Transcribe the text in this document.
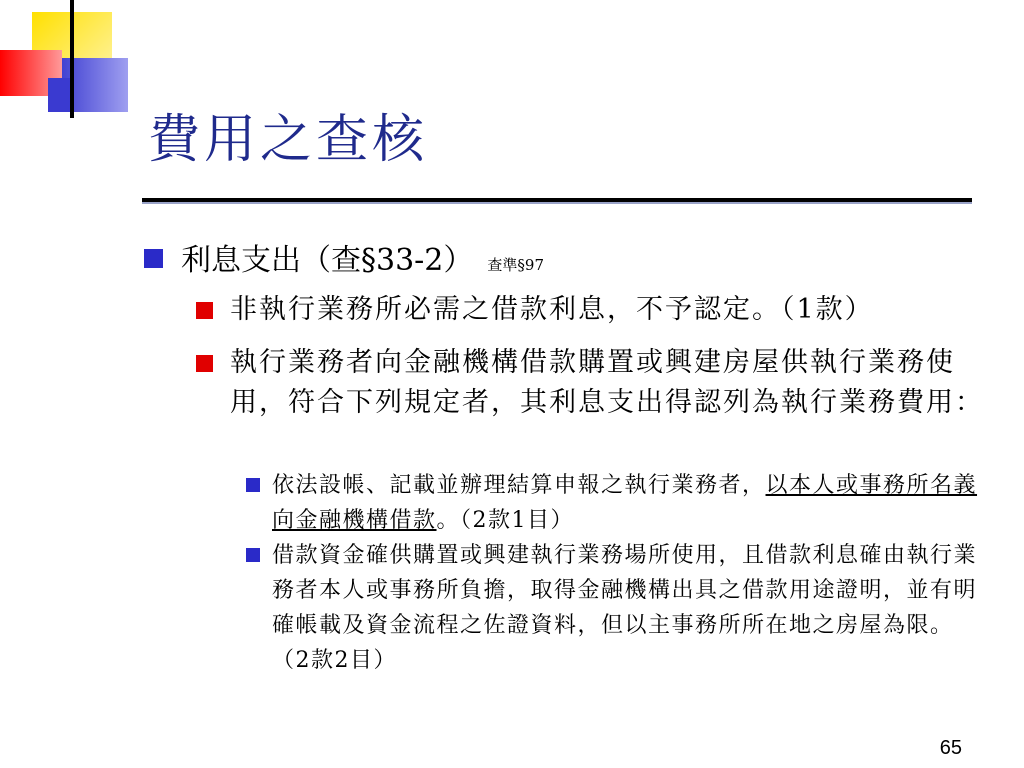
費用之查核
利息支出（查§33-2） 查準§97
非執行業務所必需之借款利息，不予認定。（1款）
執行業務者向金融機構借款購置或興建房屋供執行業務使用，符合下列規定者，其利息支出得認列為執行業務費用：
依法設帳、記載並辦理結算申報之執行業務者，以本人或事務所名義向金融機構借款。（2款1目）
借款資金確供購置或興建執行業務場所使用，且借款利息確由執行業務者本人或事務所負擔，取得金融機構出具之借款用途證明，並有明確帳載及資金流程之佐證資料，但以主事務所所在地之房屋為限。 （2款2目）
65
